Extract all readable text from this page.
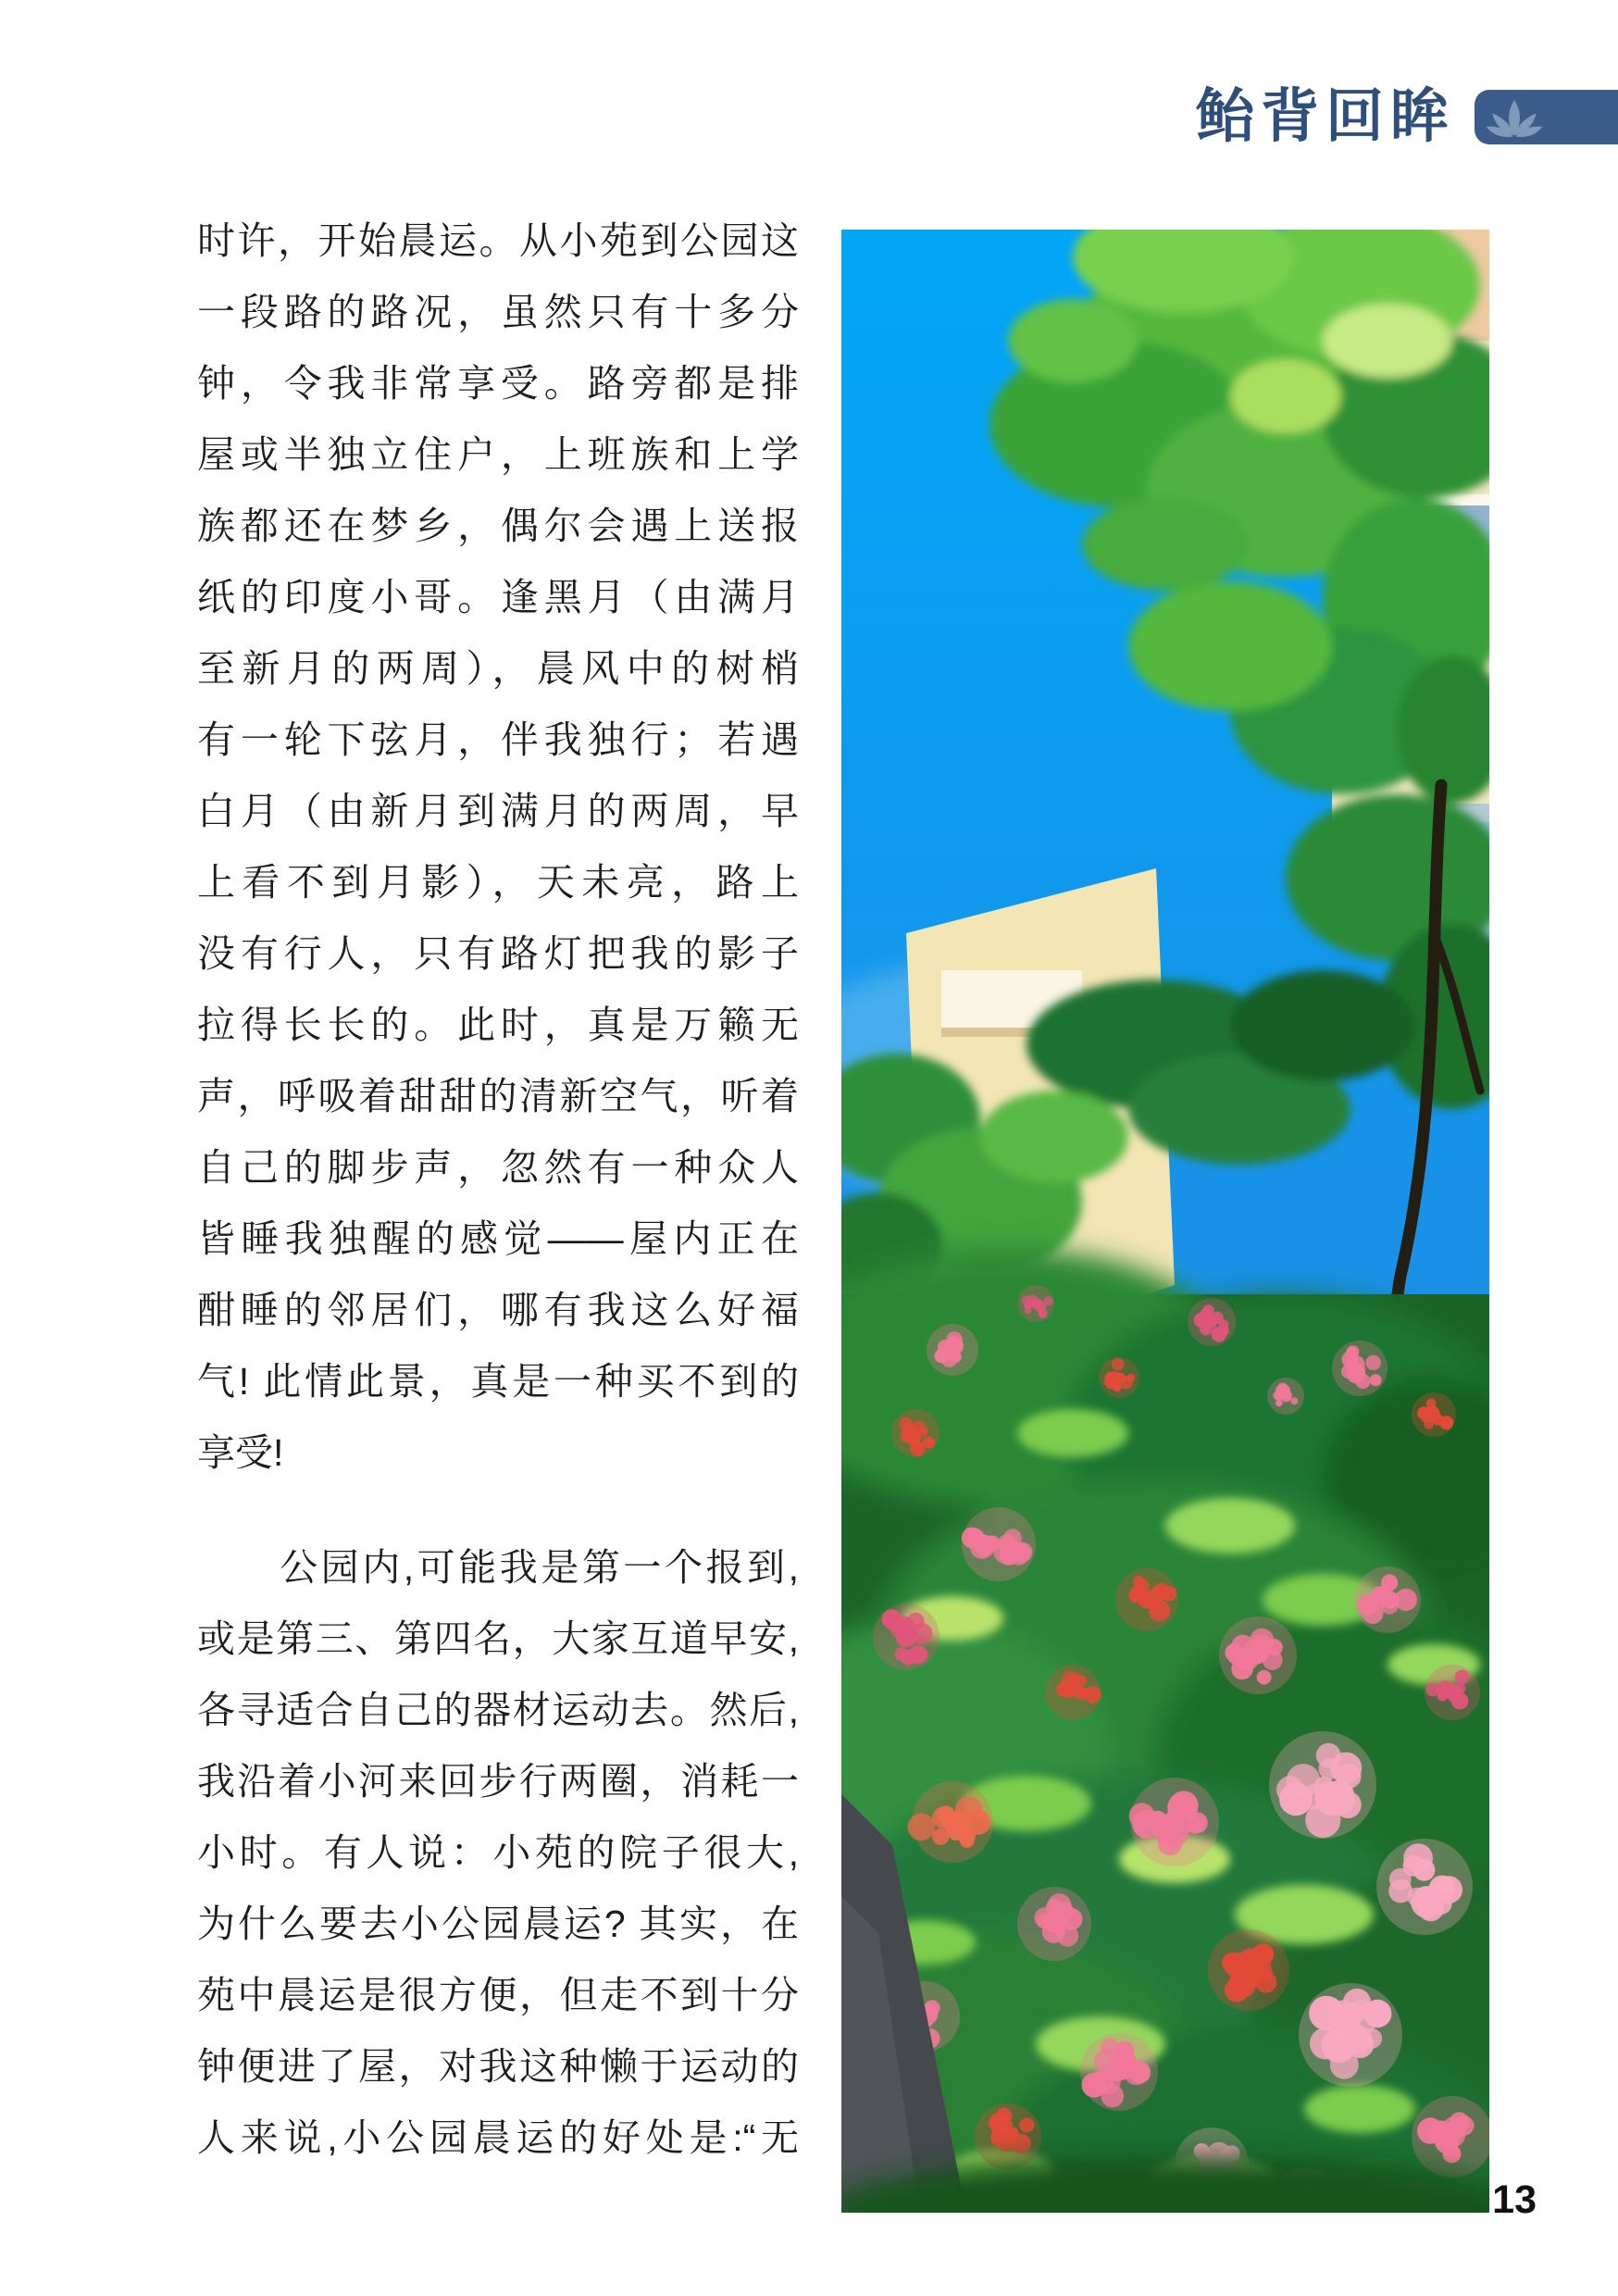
鲐背回眸
时许，开始晨运。从小苑到公园这
一段路的路况，虽然只有十多分
钟，令我非常享受。路旁都是排
屋或半独立住户，上班族和上学
族都还在梦乡，偶尔会遇上送报
纸的印度小哥。逢黑月（由满月
至新月的两周），晨风中的树梢
有一轮下弦月，伴我独行；若遇
白月（由新月到满月的两周，早
上看不到月影），天未亮，路上
没有行人，只有路灯把我的影子
拉得长长的。此时，真是万籁无
声，呼吸着甜甜的清新空气，听着
自己的脚步声，忽然有一种众人
皆睡我独醒的感觉——屋内正在
酣睡的邻居们，哪有我这么好福
气! 此情此景，真是一种买不到的
享受!
　　公园内,可能我是第一个报到,
或是第三、第四名，大家互道早安,
各寻适合自己的器材运动去。然后,
我沿着小河来回步行两圈，消耗一
小时。有人说：小苑的院子很大,
为什么要去小公园晨运? 其实，在
苑中晨运是很方便，但走不到十分
钟便进了屋，对我这种懒于运动的
人来说,小公园晨运的好处是:“无
13
